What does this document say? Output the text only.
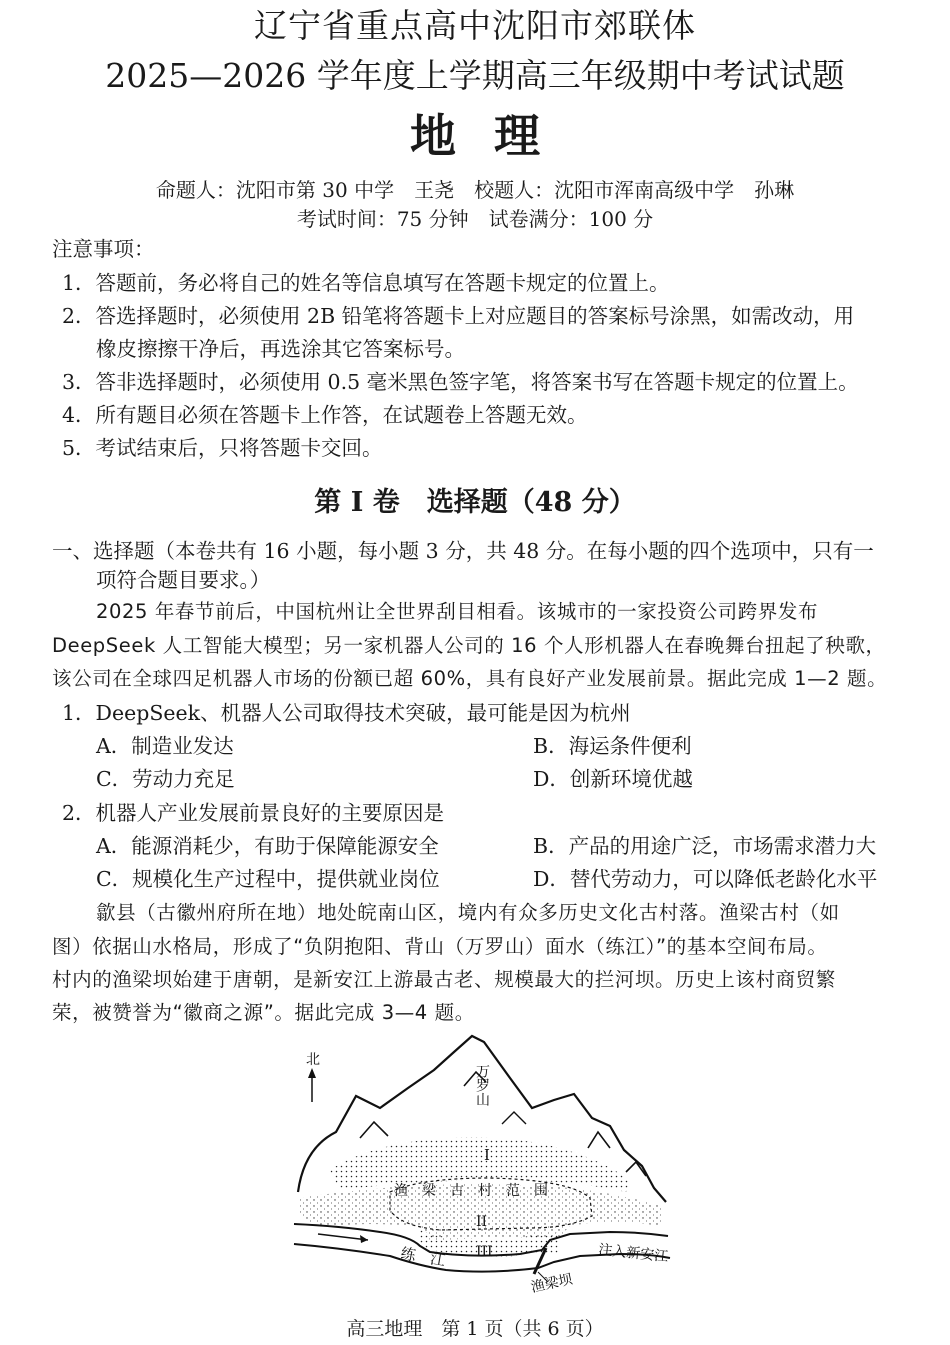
辽宁省重点高中沈阳市郊联体
2025—2026 学年度上学期高三年级期中考试试题
地理
命题人：沈阳市第 30 中学　王尧　校题人：沈阳市浑南高级中学　孙琳
考试时间：75 分钟　试卷满分：100 分
注意事项：
1．答题前，务必将自己的姓名等信息填写在答题卡规定的位置上。
2．答选择题时，必须使用 2B 铅笔将答题卡上对应题目的答案标号涂黑，如需改动，用
橡皮擦擦干净后，再选涂其它答案标号。
3．答非选择题时，必须使用 0.5 毫米黑色签字笔，将答案书写在答题卡规定的位置上。
4．所有题目必须在答题卡上作答，在试题卷上答题无效。
5．考试结束后，只将答题卡交回。
第 I 卷　选择题（48 分）
一、选择题（本卷共有 16 小题，每小题 3 分，共 48 分。在每小题的四个选项中，只有一
项符合题目要求。）
2025 年春节前后，中国杭州让全世界刮目相看。该城市的一家投资公司跨界发布
DeepSeek 人工智能大模型；另一家机器人公司的 16 个人形机器人在春晚舞台扭起了秧歌，
该公司在全球四足机器人市场的份额已超 60%，具有良好产业发展前景。据此完成 1—2 题。
1．DeepSeek、机器人公司取得技术突破，最可能是因为杭州
A．制造业发达	B．海运条件便利
C．劳动力充足	D．创新环境优越
2．机器人产业发展前景良好的主要原因是
A．能源消耗少，有助于保障能源安全	B．产品的用途广泛，市场需求潜力大
C．规模化生产过程中，提供就业岗位	D．替代劳动力，可以降低老龄化水平
歙县（古徽州府所在地）地处皖南山区，境内有众多历史文化古村落。渔梁古村（如
图）依据山水格局，形成了“负阴抱阳、背山（万罗山）面水（练江）”的基本空间布局。
村内的渔梁坝始建于唐朝，是新安江上游最古老、规模最大的拦河坝。历史上该村商贸繁
荣，被赞誉为“徽商之源”。据此完成 3—4 题。
北
万罗山
I
渔　梁　古　村　范　围
II
III
练　江	注入新安江
渔梁坝
高三地理　第 1 页（共 6 页）
